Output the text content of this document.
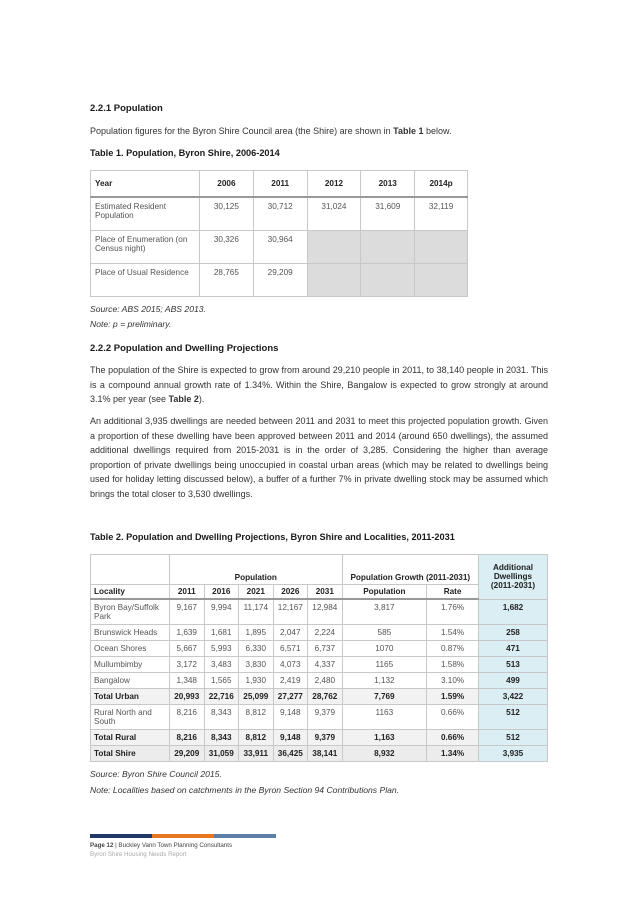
2.2.1 Population

Population figures for the Byron Shire Council area (the Shire) are shown in Table 1 below.

Table 1. Population, Byron Shire, 2006-2014
Year	2006	2011	2012	2013	2014p
Estimated Resident Population	30,125	30,712	31,024	31,609	32,119
Place of Enumeration (on Census night)	30,326	30,964			
Place of Usual Residence	28,765	29,209			
Source: ABS 2015; ABS 2013.
Note: p = preliminary.
2.2.2 Population and Dwelling Projections

The population of the Shire is expected to grow from around 29,210 people in 2011, to 38,140 people in 2031. This is a compound annual growth rate of 1.34%. Within the Shire, Bangalow is expected to grow strongly at around 3.1% per year (see Table 2).

An additional 3,935 dwellings are needed between 2011 and 2031 to meet this projected population growth. Given a proportion of these dwelling have been approved between 2011 and 2014 (around 650 dwellings), the assumed additional dwellings required from 2015-2031 is in the order of 3,285. Considering the higher than average proportion of private dwellings being unoccupied in coastal urban areas (which may be related to dwellings being used for holiday letting discussed below), a buffer of a further 7% in private dwelling stock may be assumed which brings the total closer to 3,530 dwellings.

Table 2. Population and Dwelling Projections, Byron Shire and Localities, 2011-2031
	Population					Population Growth (2011-2031)		Additional Dwellings (2011-2031)
Locality	2011	2016	2021	2026	2031	Population	Rate	
Byron Bay/Suffolk Park	9,167	9,994	11,174	12,167	12,984	3,817	1.76%	1,682
Brunswick Heads	1,639	1,681	1,895	2,047	2,224	585	1.54%	258
Ocean Shores	5,667	5,993	6,330	6,571	6,737	1070	0.87%	471
Mullumbimby	3,172	3,483	3,830	4,073	4,337	1165	1.58%	513
Bangalow	1,348	1,565	1,930	2,419	2,480	1,132	3.10%	499
Total Urban	20,993	22,716	25,099	27,277	28,762	7,769	1.59%	3,422
Rural North and South	8,216	8,343	8,812	9,148	9,379	1163	0.66%	512
Total Rural	8,216	8,343	8,812	9,148	9,379	1,163	0.66%	512
Total Shire	29,209	31,059	33,911	36,425	38,141	8,932	1.34%	3,935
Source: Byron Shire Council 2015.
Note: Localities based on catchments in the Byron Section 94 Contributions Plan.
Page 12 | Buckley Vann Town Planning Consultants
Byron Shire Housing Needs Report
